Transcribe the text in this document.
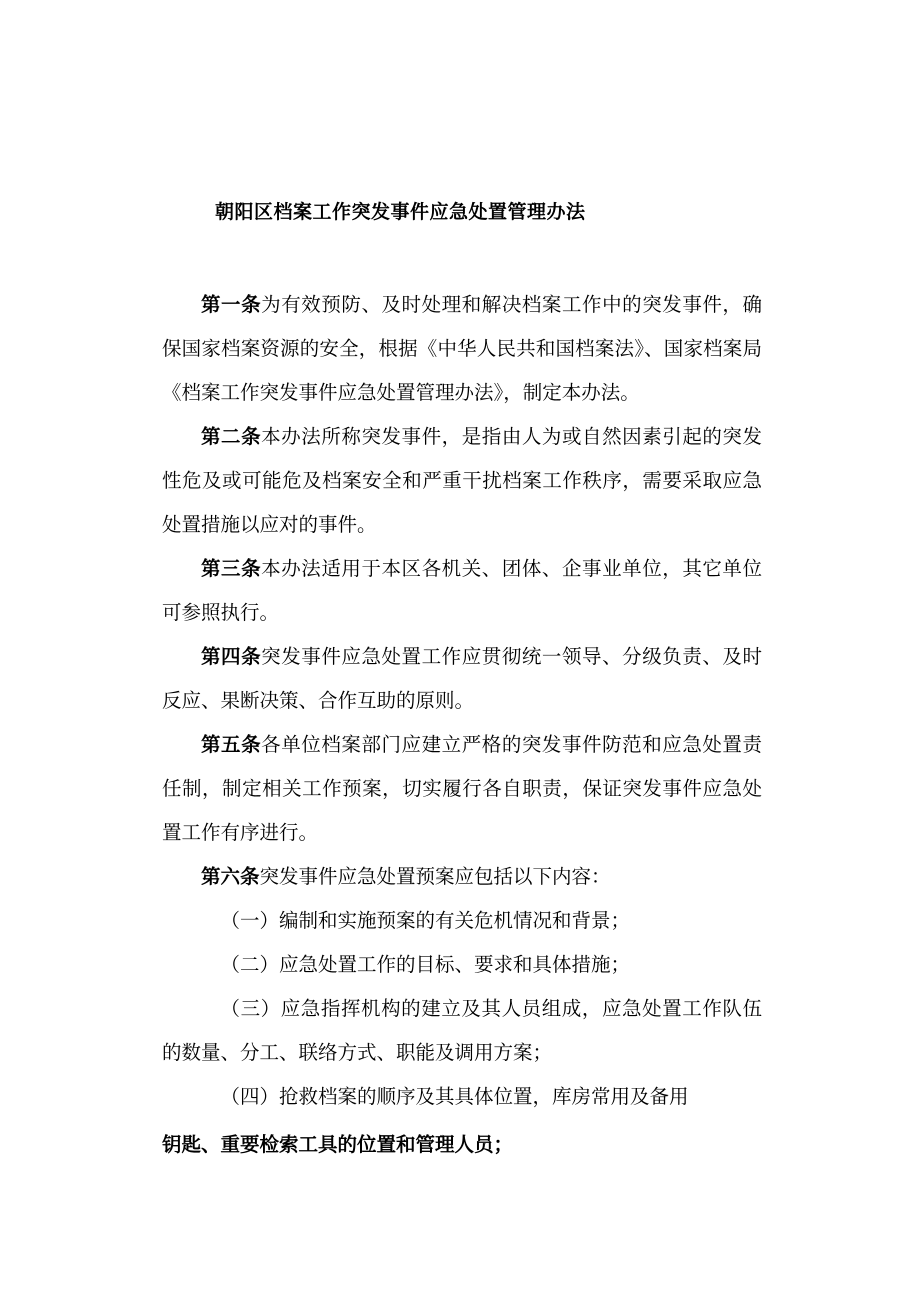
朝阳区档案工作突发事件应急处置管理办法

第一条为有效预防、及时处理和解决档案工作中的突发事件，确保国家档案资源的安全，根据《中华人民共和国档案法》、国家档案局《档案工作突发事件应急处置管理办法》，制定本办法。

第二条本办法所称突发事件，是指由人为或自然因素引起的突发性危及或可能危及档案安全和严重干扰档案工作秩序，需要采取应急处置措施以应对的事件。

第三条本办法适用于本区各机关、团体、企事业单位，其它单位可参照执行。

第四条突发事件应急处置工作应贯彻统一领导、分级负责、及时反应、果断决策、合作互助的原则。

第五条各单位档案部门应建立严格的突发事件防范和应急处置责任制，制定相关工作预案，切实履行各自职责，保证突发事件应急处置工作有序进行。

第六条突发事件应急处置预案应包括以下内容：

（一）编制和实施预案的有关危机情况和背景；

（二）应急处置工作的目标、要求和具体措施；

（三）应急指挥机构的建立及其人员组成，应急处置工作队伍的数量、分工、联络方式、职能及调用方案；

（四）抢救档案的顺序及其具体位置，库房常用及备用

钥匙、重要检索工具的位置和管理人员；
